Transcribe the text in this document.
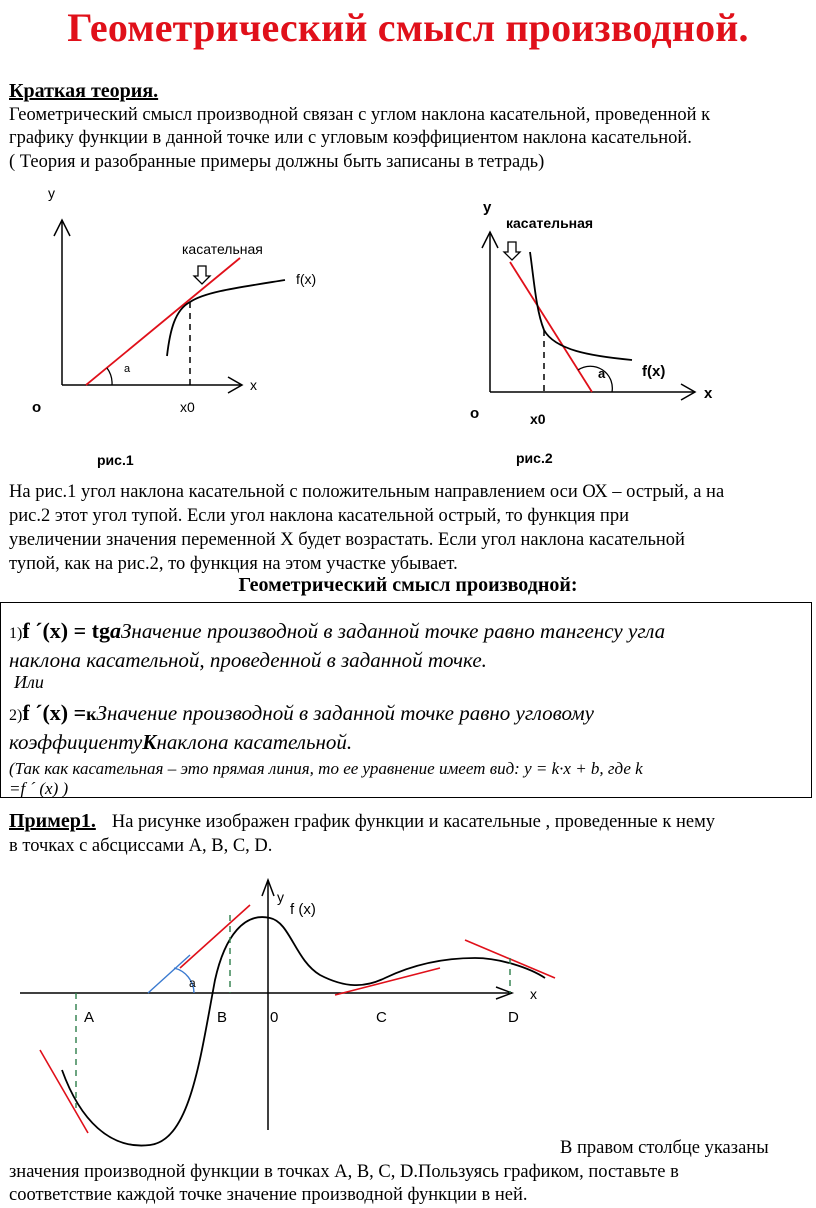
Геометрический смысл производной.
Краткая теория.
Геометрический смысл производной связан с углом наклона касательной, проведенной к
графику функции в данной точке или с угловым коэффициентом наклона касательной.
( Теория и разобранные примеры должны быть записаны в тетрадь)
y
x
о	x0
a
касательная
f(x)
рис.1
y
x
о	x0
a
касательная
f(x)
рис.2
На рис.1 угол наклона касательной с положительным направлением оси ОХ – острый, а на
рис.2 этот угол тупой. Если угол наклона касательной острый, то функция при
увеличении значения переменной Х будет возрастать. Если угол наклона касательной
тупой, как на рис.2, то функция на этом участке убывает.
Геометрический смысл производной:
1)f ´(x) = tgaЗначение производной в заданной точке равно тангенсу угла
наклона касательной, проведенной в заданной точке.
Или
2)f ´(x) =кЗначение производной в заданной точке равно угловому
коэффициентуКнаклона касательной.
(Так как касательная – это прямая линия, то ее уравнение имеет вид: y = k·x + b, где k
=f ´ (x) )
Пример1. На рисунке изображен график функции и касательные , проведенные к нему
в точках с абсциссами А, В, С, D.
y
f (x)
x
a
A	B	0	C	D
В правом столбце указаны
значения производной функции в точках А, В, С, D.Пользуясь графиком, поставьте в
соответствие каждой точке значение производной функции в ней.
